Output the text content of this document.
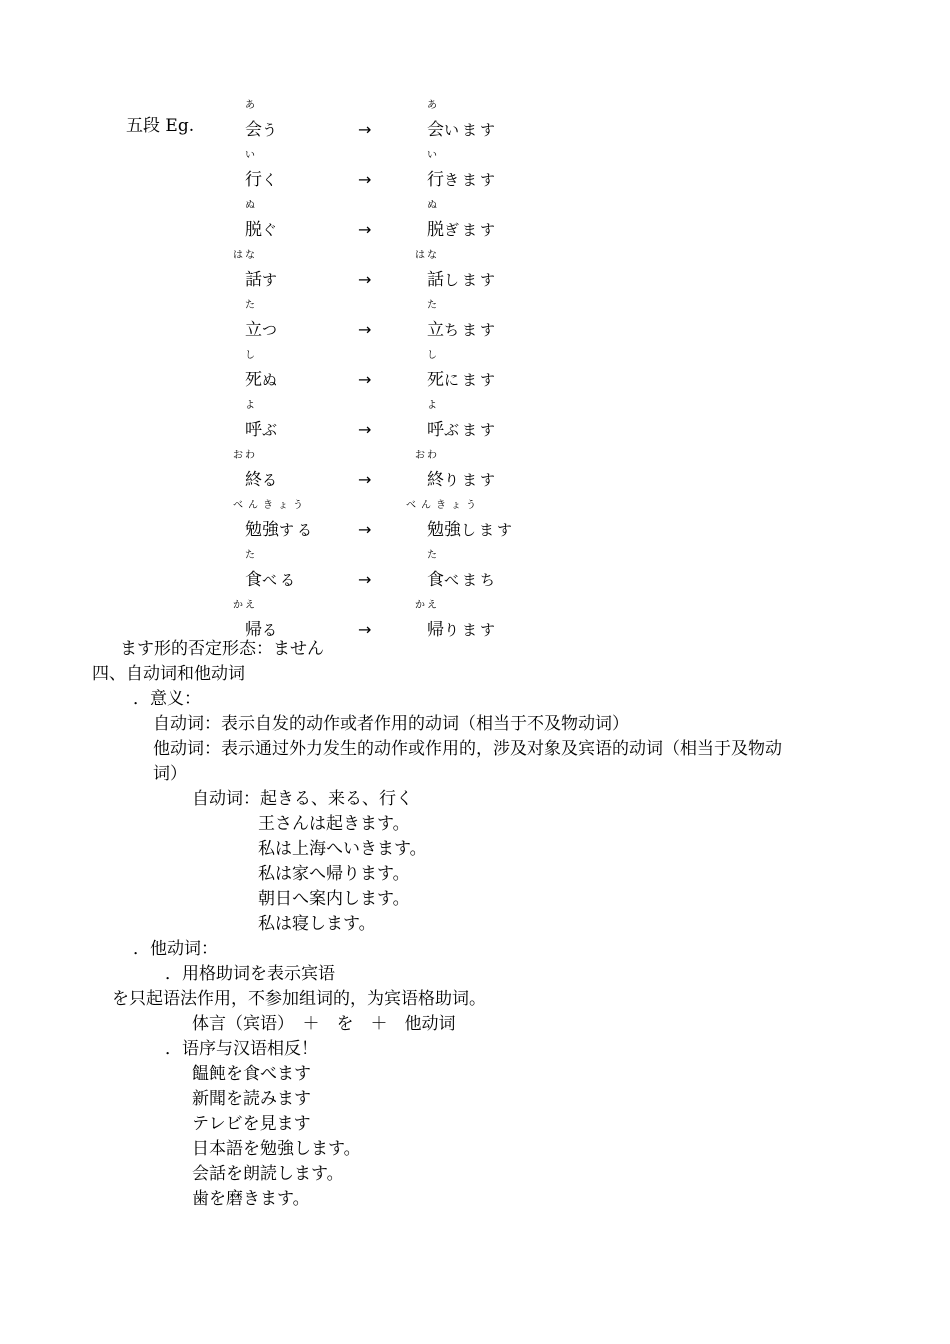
五段 Eg.
あ	あ
会う	→	会います
い	い
行く	→	行きます
ぬ	ぬ
脱ぐ	→	脱ぎます
はな	はな
話す	→	話します
た	た
立つ	→	立ちます
し	し
死ぬ	→	死にます
よ	よ
呼ぶ	→	呼ぶます
おわ	おわ
終る	→	終ります
べんきょう	べんきょう
勉強する	→	勉強します
た	た
食べる	→	食べまち
かえ	かえ
帰る	→	帰ります
ます形的否定形态：ません
四、自动词和他动词
．意义：
自动词：表示自发的动作或者作用的动词（相当于不及物动词）
他动词：表示通过外力发生的动作或作用的，涉及对象及宾语的动词（相当于及物动
词）
自动词：起きる、来る、行く
王さんは起きます。
私は上海へいきます。
私は家へ帰ります。
朝日へ案内します。
私は寝します。
．他动词：
．用格助词を表示宾语
を只起语法作用，不参加组词的，为宾语格助词。
体言（宾语）　＋　を　＋　他动词
．语序与汉语相反！
饂飩を食べます
新聞を読みます
テレビを見ます
日本語を勉強します。
会話を朗読します。
歯を磨きます。
